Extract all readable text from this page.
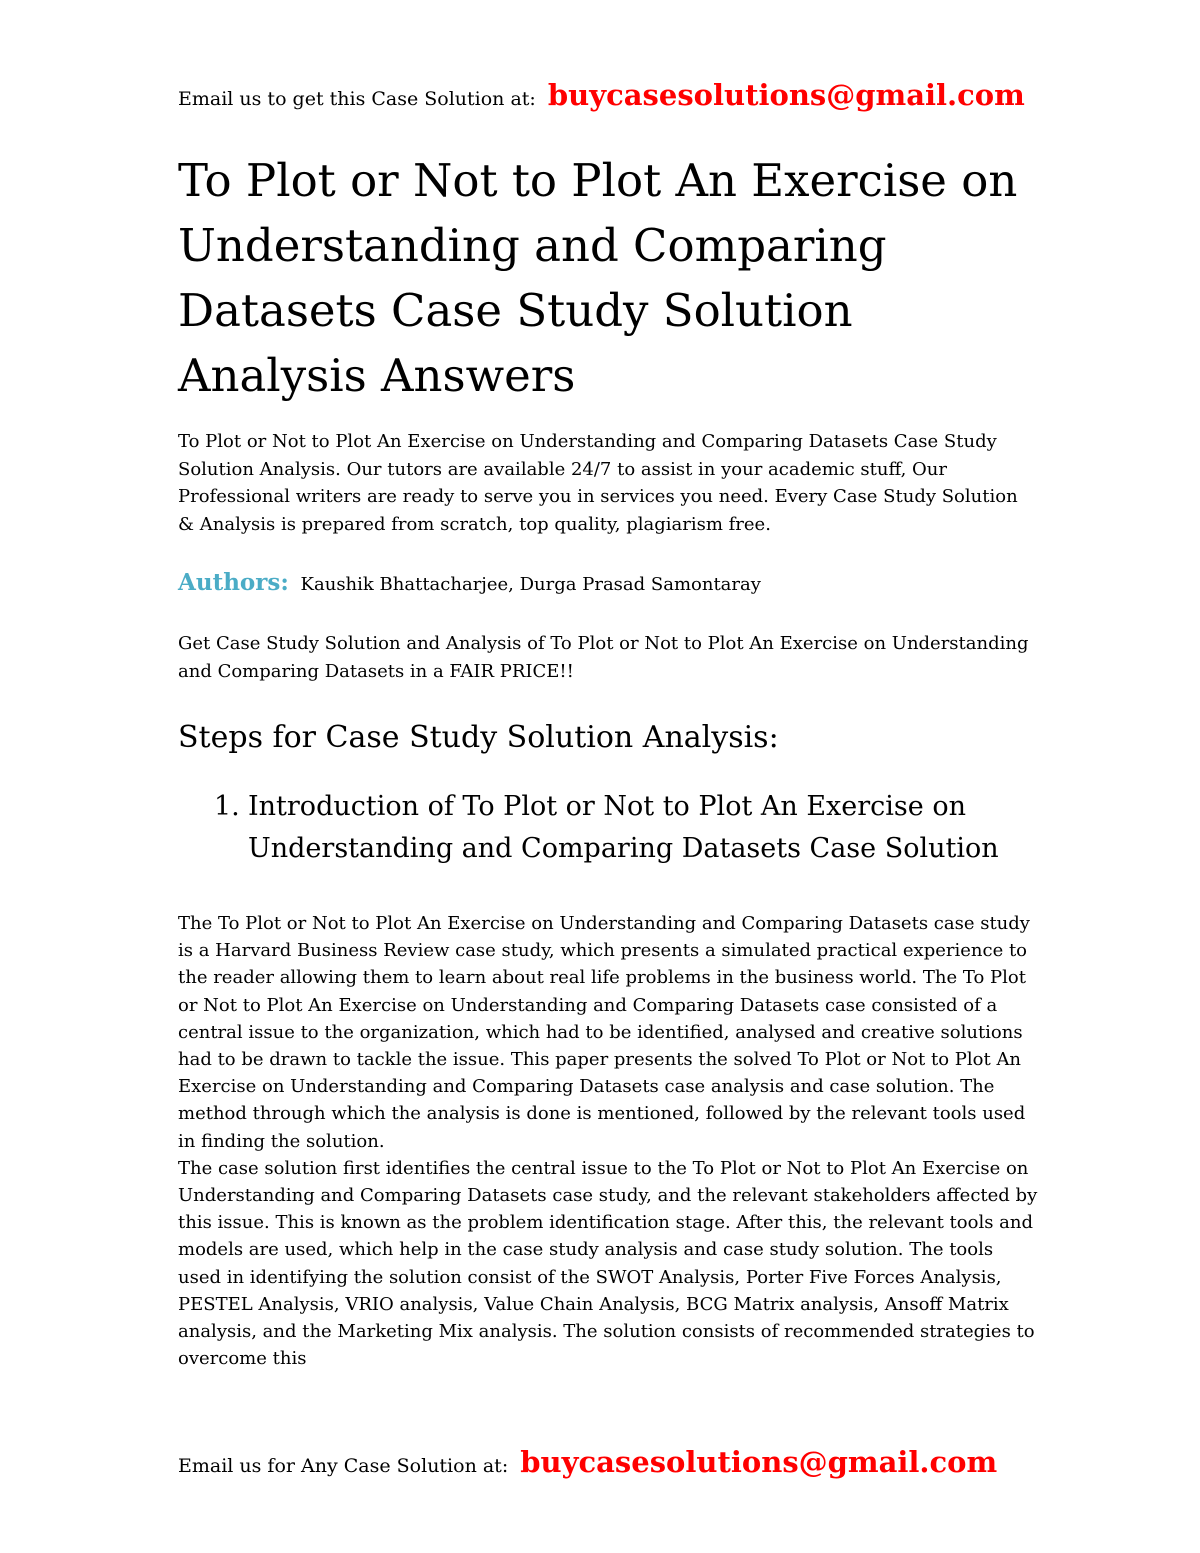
Email us to get this Case Solution at: buycasesolutions@gmail.com
To Plot or Not to Plot An Exercise on Understanding and Comparing Datasets Case Study Solution Analysis Answers

To Plot or Not to Plot An Exercise on Understanding and Comparing Datasets Case Study Solution Analysis. Our tutors are available 24/7 to assist in your academic stuff, Our Professional writers are ready to serve you in services you need. Every Case Study Solution & Analysis is prepared from scratch, top quality, plagiarism free.

Authors: Kaushik Bhattacharjee, Durga Prasad Samontaray

Get Case Study Solution and Analysis of To Plot or Not to Plot An Exercise on Understanding and Comparing Datasets in a FAIR PRICE!!

Steps for Case Study Solution Analysis:
1. Introduction of To Plot or Not to Plot An Exercise on Understanding and Comparing Datasets Case Solution

The To Plot or Not to Plot An Exercise on Understanding and Comparing Datasets case study is a Harvard Business Review case study, which presents a simulated practical experience to the reader allowing them to learn about real life problems in the business world. The To Plot or Not to Plot An Exercise on Understanding and Comparing Datasets case consisted of a central issue to the organization, which had to be identified, analysed and creative solutions had to be drawn to tackle the issue. This paper presents the solved To Plot or Not to Plot An Exercise on Understanding and Comparing Datasets case analysis and case solution. The method through which the analysis is done is mentioned, followed by the relevant tools used in finding the solution.

The case solution first identifies the central issue to the To Plot or Not to Plot An Exercise on Understanding and Comparing Datasets case study, and the relevant stakeholders affected by this issue. This is known as the problem identification stage. After this, the relevant tools and models are used, which help in the case study analysis and case study solution. The tools used in identifying the solution consist of the SWOT Analysis, Porter Five Forces Analysis, PESTEL Analysis, VRIO analysis, Value Chain Analysis, BCG Matrix analysis, Ansoff Matrix analysis, and the Marketing Mix analysis. The solution consists of recommended strategies to overcome this

Email us for Any Case Solution at: buycasesolutions@gmail.com
